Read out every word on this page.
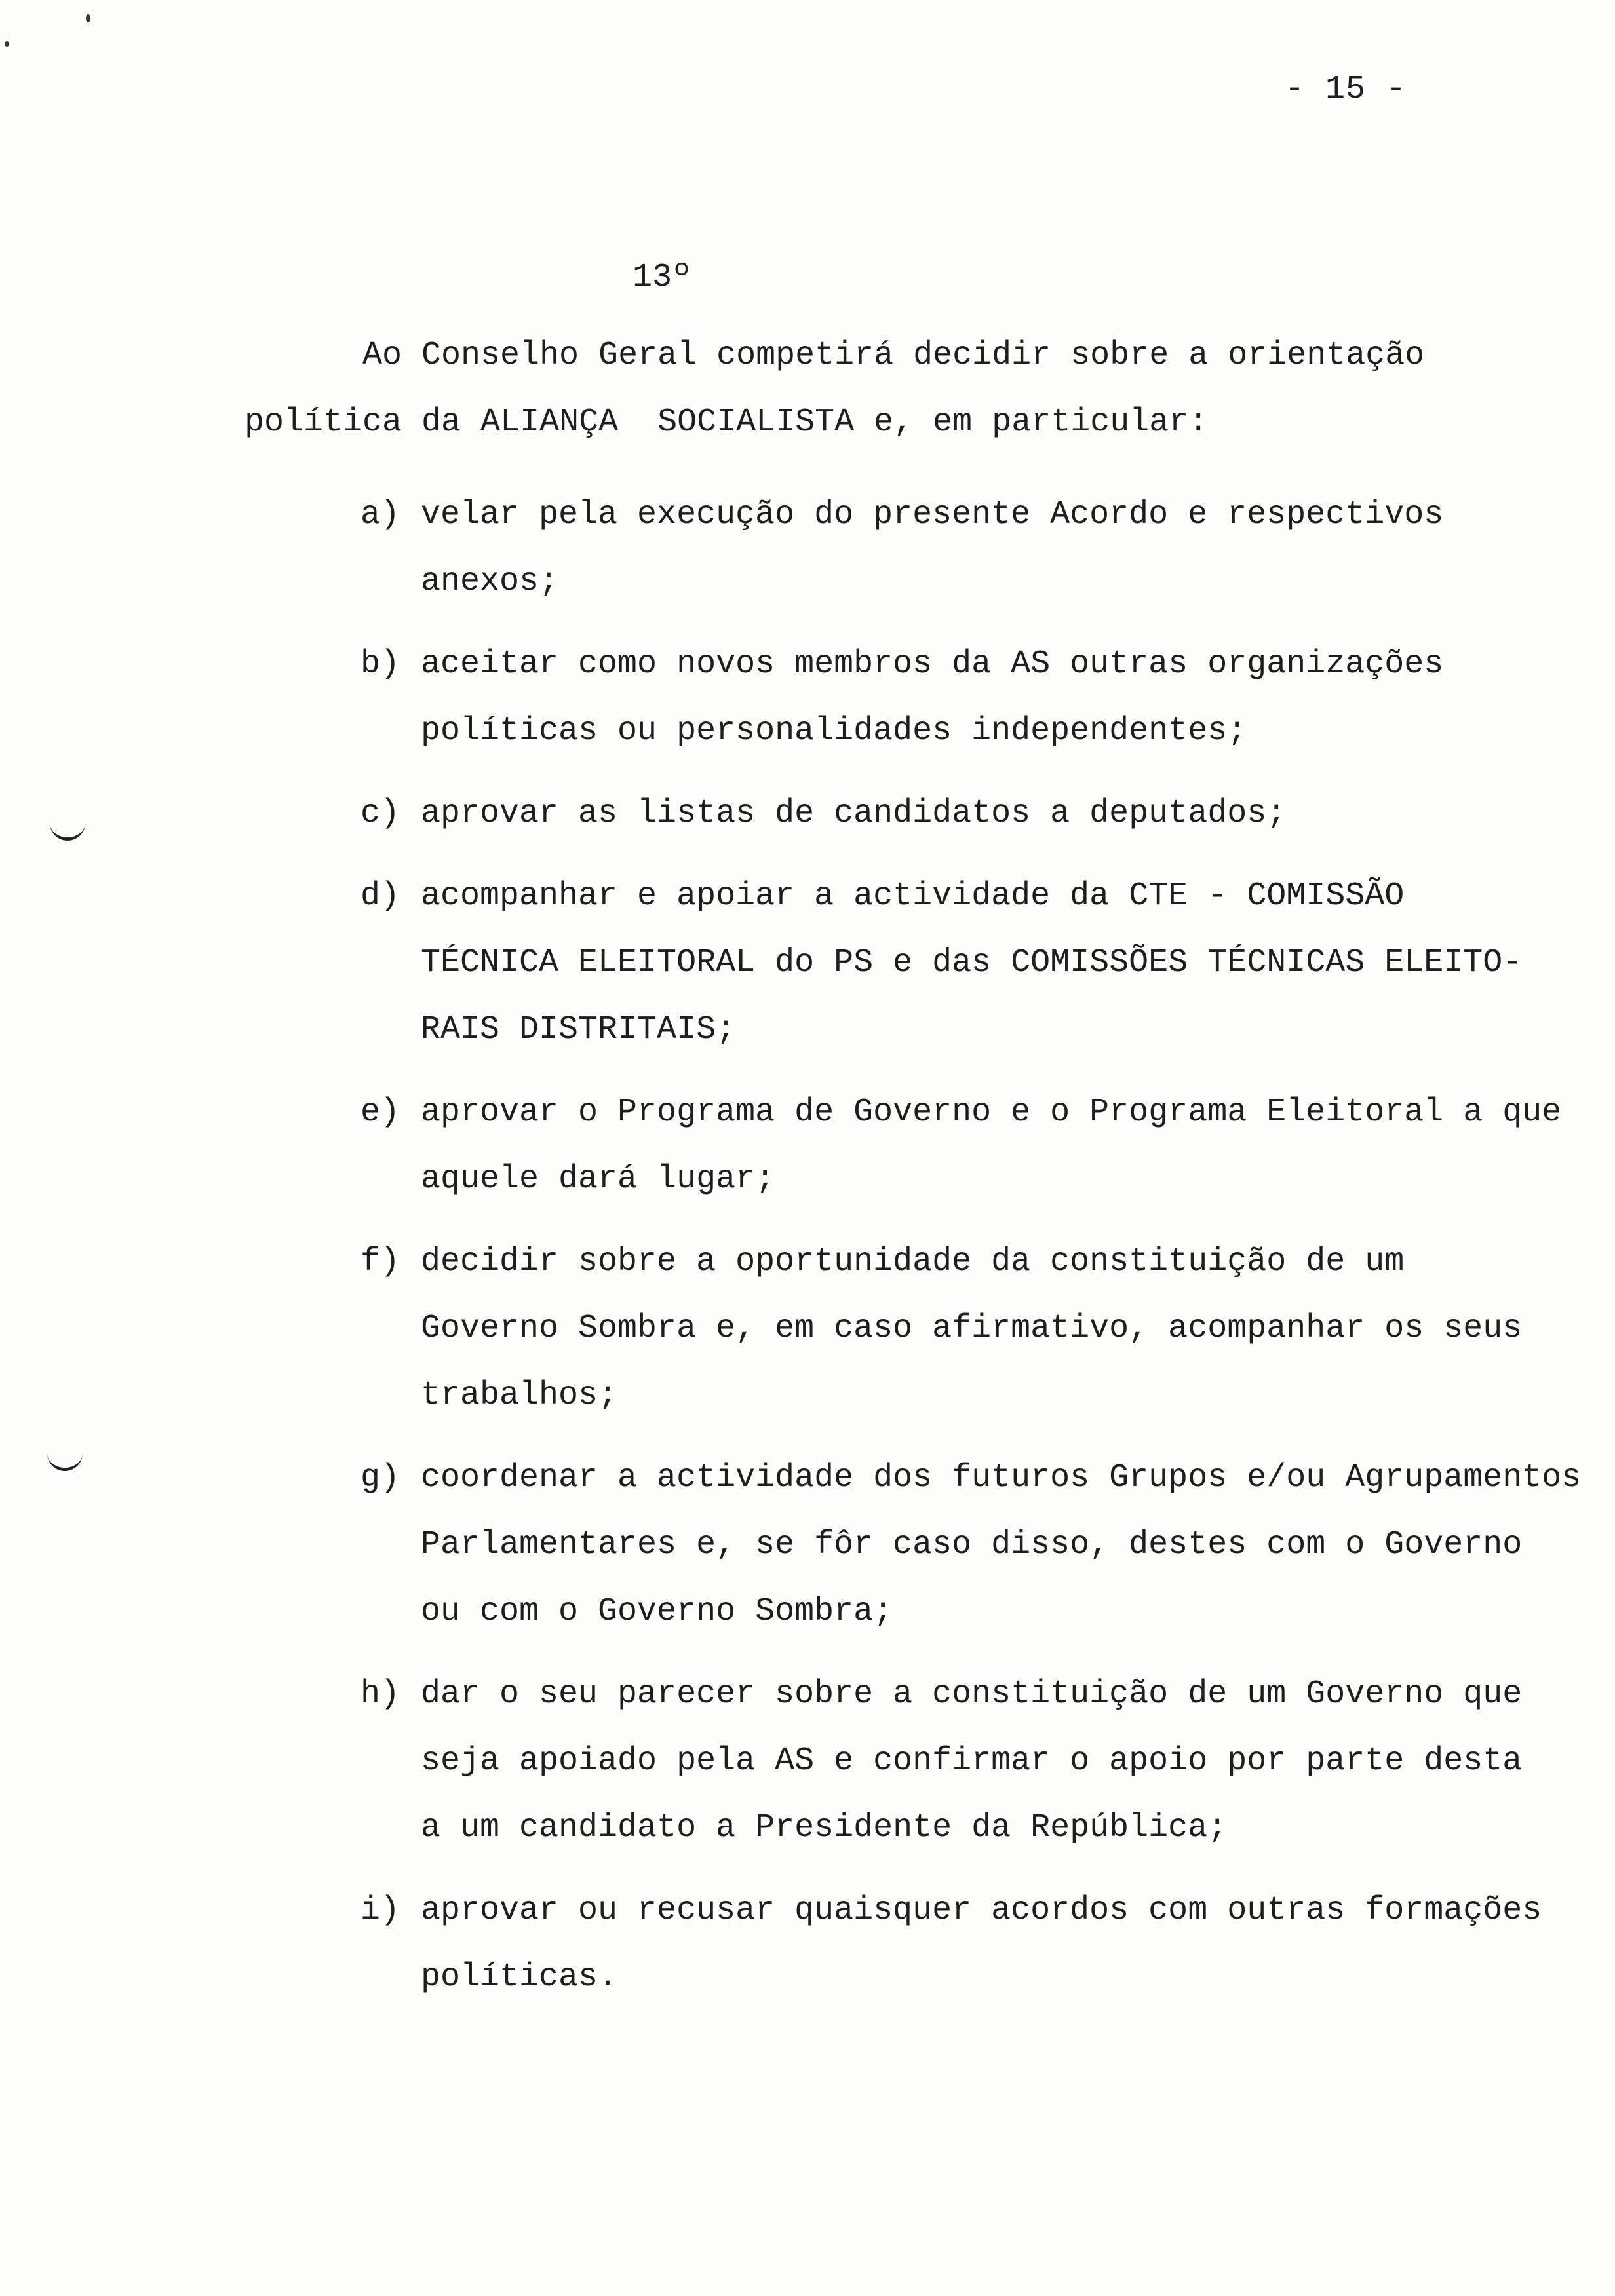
- 15 -
13º
Ao Conselho Geral competirá decidir sobre a orientação
política da ALIANÇA  SOCIALISTA e, em particular:
a) velar pela execução do presente Acordo e respectivos
anexos;
b) aceitar como novos membros da AS outras organizações
políticas ou personalidades independentes;
c) aprovar as listas de candidatos a deputados;
d) acompanhar e apoiar a actividade da CTE - COMISSÃO
TÉCNICA ELEITORAL do PS e das COMISSÕES TÉCNICAS ELEITO-
RAIS DISTRITAIS;
e) aprovar o Programa de Governo e o Programa Eleitoral a que
aquele dará lugar;
f) decidir sobre a oportunidade da constituição de um
Governo Sombra e, em caso afirmativo, acompanhar os seus
trabalhos;
g) coordenar a actividade dos futuros Grupos e/ou Agrupamentos
Parlamentares e, se fôr caso disso, destes com o Governo
ou com o Governo Sombra;
h) dar o seu parecer sobre a constituição de um Governo que
seja apoiado pela AS e confirmar o apoio por parte desta
a um candidato a Presidente da República;
i) aprovar ou recusar quaisquer acordos com outras formações
políticas.
